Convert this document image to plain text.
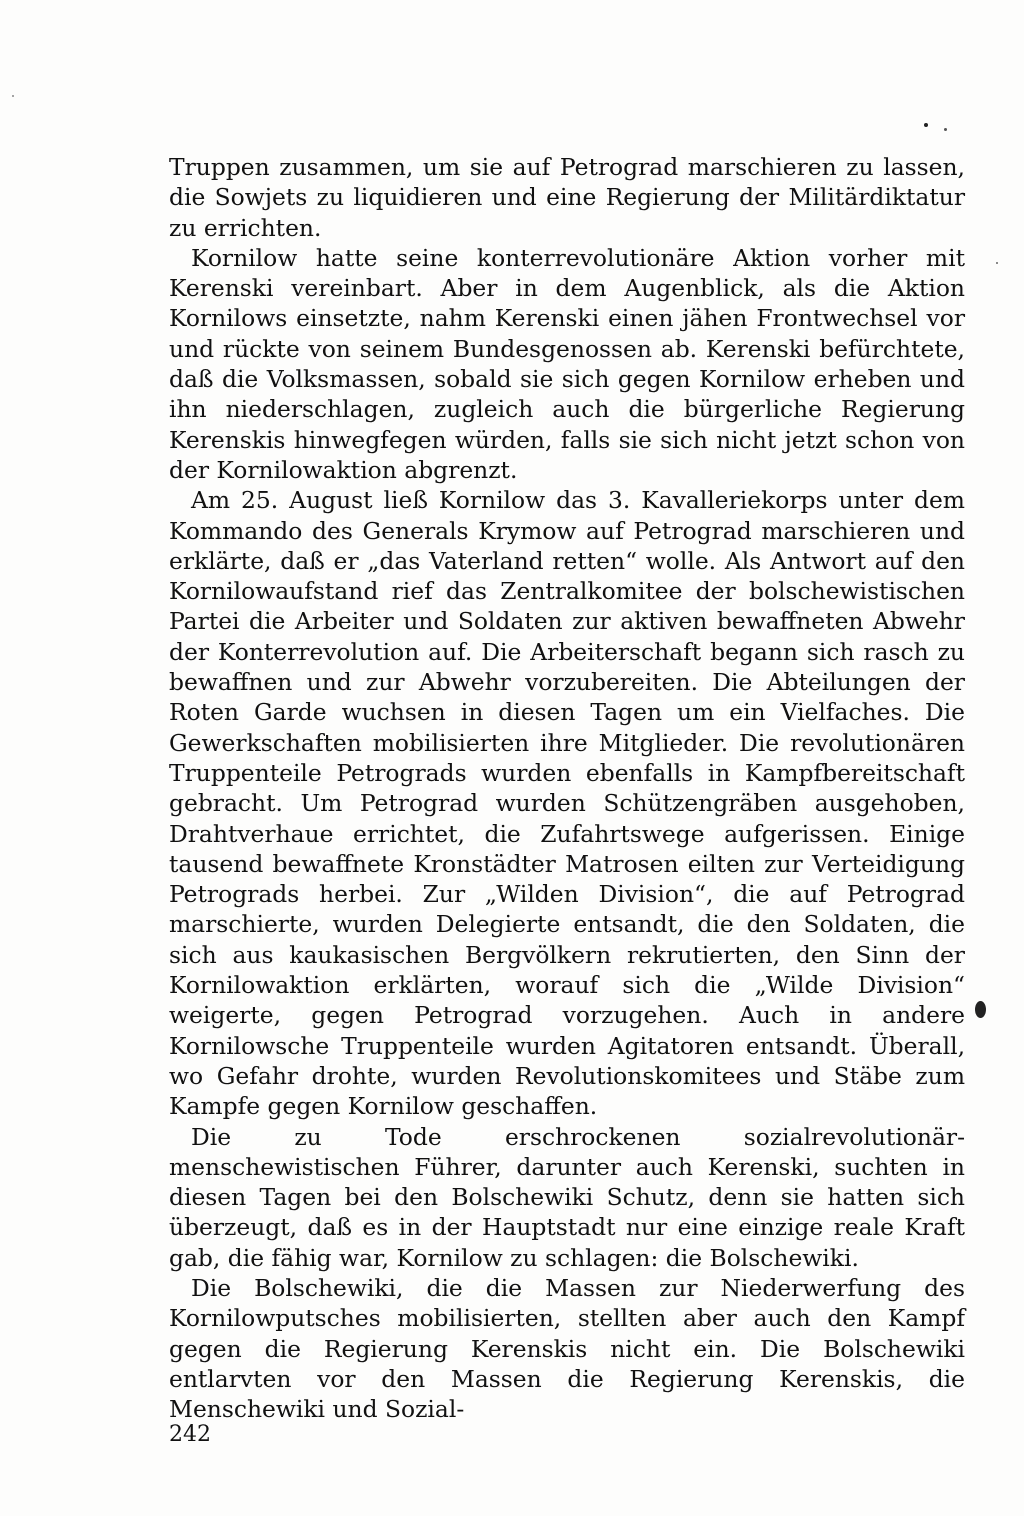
Truppen zusammen, um sie auf Petrograd marschieren zu lassen, die Sowjets zu liquidieren und eine Regierung der Militärdiktatur zu errichten.

Kornilow hatte seine konterrevolutionäre Aktion vorher mit Kerenski vereinbart. Aber in dem Augenblick, als die Aktion Kornilows einsetzte, nahm Kerenski einen jähen Frontwechsel vor und rückte von seinem Bundesgenossen ab. Kerenski befürchtete, daß die Volksmassen, sobald sie sich gegen Kornilow erheben und ihn niederschlagen, zugleich auch die bürgerliche Regierung Kerenskis hinwegfegen würden, falls sie sich nicht jetzt schon von der Kornilowaktion abgrenzt.

Am 25. August ließ Kornilow das 3. Kavalleriekorps unter dem Kommando des Generals Krymow auf Petrograd marschieren und erklärte, daß er „das Vaterland retten“ wolle. Als Antwort auf den Kornilowaufstand rief das Zentralkomitee der bolschewistischen Partei die Arbeiter und Soldaten zur aktiven bewaffneten Abwehr der Konterrevolution auf. Die Arbeiterschaft begann sich rasch zu bewaffnen und zur Abwehr vorzubereiten. Die Abteilungen der Roten Garde wuchsen in diesen Tagen um ein Vielfaches. Die Gewerkschaften mobilisierten ihre Mitglieder. Die revolutionären Truppenteile Petrograds wurden ebenfalls in Kampfbereitschaft gebracht. Um Petrograd wurden Schützengräben ausgehoben, Drahtverhaue errichtet, die Zufahrtswege aufgerissen. Einige tausend bewaffnete Kronstädter Matrosen eilten zur Verteidigung Petrograds herbei. Zur „Wilden Division“, die auf Petrograd marschierte, wurden Delegierte entsandt, die den Soldaten, die sich aus kaukasischen Bergvölkern rekrutierten, den Sinn der Kornilowaktion erklärten, worauf sich die „Wilde Division“ weigerte, gegen Petrograd vorzugehen. Auch in andere Kornilowsche Truppenteile wurden Agitatoren entsandt. Überall, wo Gefahr drohte, wurden Revolutionskomitees und Stäbe zum Kampfe gegen Kornilow geschaffen.

Die zu Tode erschrockenen sozialrevolutionär-menschewistischen Führer, darunter auch Kerenski, suchten in diesen Tagen bei den Bolschewiki Schutz, denn sie hatten sich überzeugt, daß es in der Hauptstadt nur eine einzige reale Kraft gab, die fähig war, Kornilow zu schlagen: die Bolschewiki.

Die Bolschewiki, die die Massen zur Niederwerfung des Kornilowputsches mobilisierten, stellten aber auch den Kampf gegen die Regierung Kerenskis nicht ein. Die Bolschewiki entlarvten vor den Massen die Regierung Kerenskis, die Menschewiki und Sozial-

242
